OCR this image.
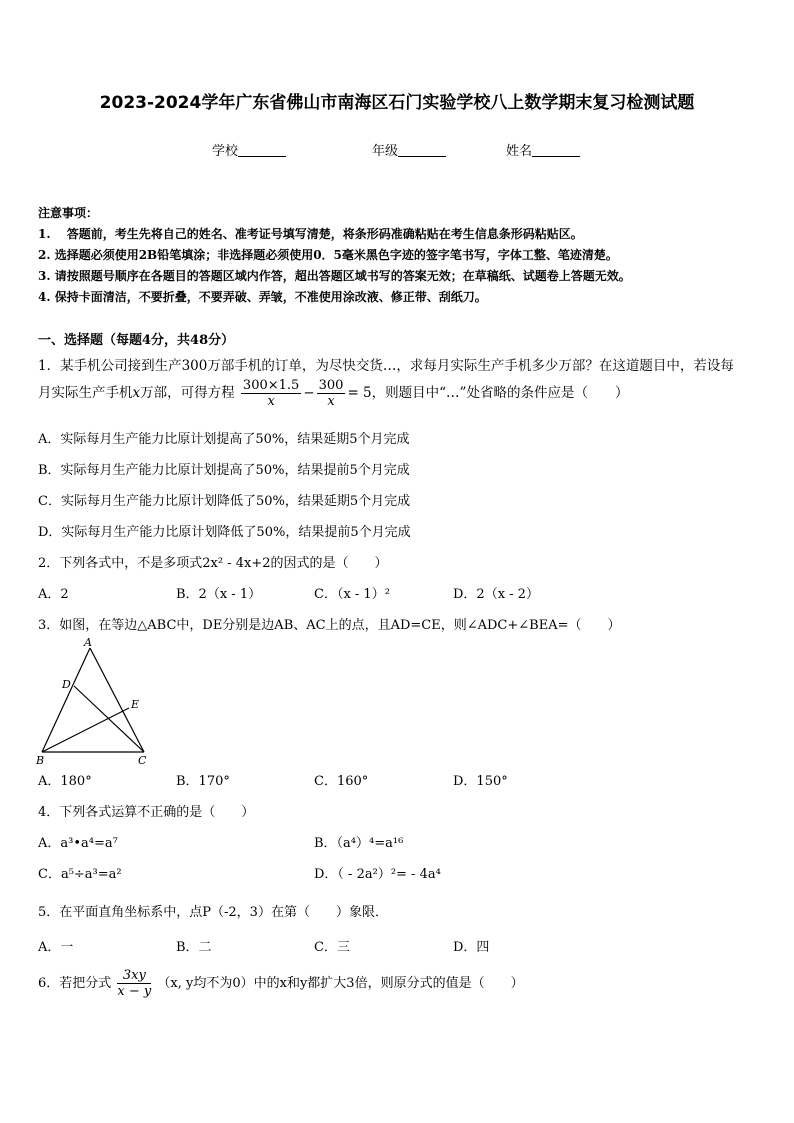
2023-2024学年广东省佛山市南海区石门实验学校八上数学期末复习检测试题
学校	年级	姓名
注意事项：
1.　 答题前，考生先将自己的姓名、准考证号填写清楚，将条形码准确粘贴在考生信息条形码粘贴区。
2. 选择题必须使用2B铅笔填涂；非选择题必须使用0．5毫米黑色字迹的签字笔书写，字体工整、笔迹清楚。
3. 请按照题号顺序在各题目的答题区域内作答，超出答题区域书写的答案无效；在草稿纸、试题卷上答题无效。
4. 保持卡面清洁，不要折叠，不要弄破、弄皱，不准使用涂改液、修正带、刮纸刀。
一、选择题（每题4分，共48分）
1．某手机公司接到生产300万部手机的订单，为尽快交货…，求每月实际生产手机多少万部？在这道题目中，若设每
月实际生产手机x万部，可得方程 $\frac{300\times 1.5}{x} - \frac{300}{x} = 5$，则题目中“…”处省略的条件应是（　　）
A．实际每月生产能力比原计划提高了50%，结果延期5个月完成
B．实际每月生产能力比原计划提高了50%，结果提前5个月完成
C．实际每月生产能力比原计划降低了50%，结果延期5个月完成
D．实际每月生产能力比原计划降低了50%，结果提前5个月完成
2．下列各式中，不是多项式2x² - 4x+2的因式的是（　　）
A．2	B．2（x - 1）	C．（x - 1）²	D．2（x - 2）
3．如图，在等边△ABC中，DE分别是边AB、AC上的点，且AD=CE，则∠ADC+∠BEA=（　　）
A
D
E
B	C
A．180°	B．170°	C．160°	D．150°
4．下列各式运算不正确的是（　　）
A．a³•a⁴=a⁷	B．（a⁴）⁴=a¹⁶
C．a⁵÷a³=a²	D．（ - 2a²）²= - 4a⁴
5．在平面直角坐标系中，点P（-2，3）在第（　　）象限．
A．一	B．二	C．三	D．四
6．若把分式 $\frac{3xy}{x - y} (x$, y均不为0）中的x和y都扩大3倍，则原分式的值是（　　）
